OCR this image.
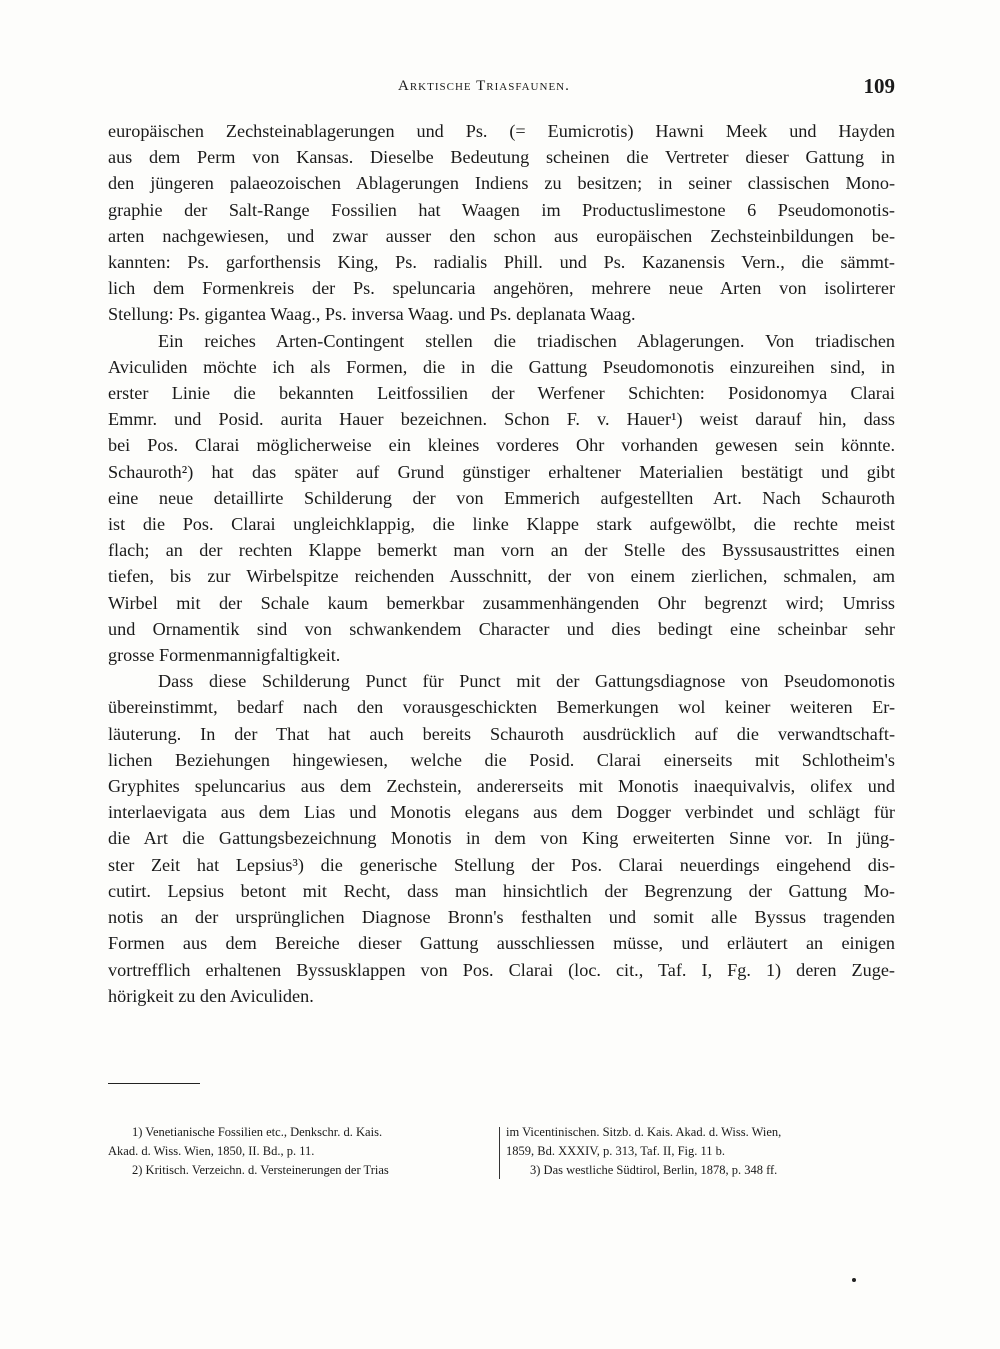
Arktische Triasfaunen.	109

europäischen Zechsteinablagerungen und Ps. (= Eumicrotis) Hawni Meek und Hayden
aus dem Perm von Kansas. Dieselbe Bedeutung scheinen die Vertreter dieser Gattung in
den jüngeren palaeozoischen Ablagerungen Indiens zu besitzen; in seiner classischen Mono-
graphie der Salt-Range Fossilien hat Waagen im Productuslimestone 6 Pseudomonotis-
arten nachgewiesen, und zwar ausser den schon aus europäischen Zechsteinbildungen be-
kannten: Ps. garforthensis King, Ps. radialis Phill. und Ps. Kazanensis Vern., die sämmt-
lich dem Formenkreis der Ps. speluncaria angehören, mehrere neue Arten von isolirterer
Stellung: Ps. gigantea Waag., Ps. inversa Waag. und Ps. deplanata Waag.

Ein reiches Arten-Contingent stellen die triadischen Ablagerungen. Von triadischen
Aviculiden möchte ich als Formen, die in die Gattung Pseudomonotis einzureihen sind, in
erster Linie die bekannten Leitfossilien der Werfener Schichten: Posidonomya Clarai
Emmr. und Posid. aurita Hauer bezeichnen. Schon F. v. Hauer¹) weist darauf hin, dass
bei Pos. Clarai möglicherweise ein kleines vorderes Ohr vorhanden gewesen sein könnte.
Schauroth²) hat das später auf Grund günstiger erhaltener Materialien bestätigt und gibt
eine neue detaillirte Schilderung der von Emmerich aufgestellten Art. Nach Schauroth
ist die Pos. Clarai ungleichklappig, die linke Klappe stark aufgewölbt, die rechte meist
flach; an der rechten Klappe bemerkt man vorn an der Stelle des Byssusaustrittes einen
tiefen, bis zur Wirbelspitze reichenden Ausschnitt, der von einem zierlichen, schmalen, am
Wirbel mit der Schale kaum bemerkbar zusammenhängenden Ohr begrenzt wird; Umriss
und Ornamentik sind von schwankendem Character und dies bedingt eine scheinbar sehr
grosse Formenmannigfaltigkeit.

Dass diese Schilderung Punct für Punct mit der Gattungsdiagnose von Pseudomonotis
übereinstimmt, bedarf nach den vorausgeschickten Bemerkungen wol keiner weiteren Er-
läuterung. In der That hat auch bereits Schauroth ausdrücklich auf die verwandtschaft-
lichen Beziehungen hingewiesen, welche die Posid. Clarai einerseits mit Schlotheim's
Gryphites speluncarius aus dem Zechstein, andererseits mit Monotis inaequivalvis, olifex und
interlaevigata aus dem Lias und Monotis elegans aus dem Dogger verbindet und schlägt für
die Art die Gattungsbezeichnung Monotis in dem von King erweiterten Sinne vor. In jüng-
ster Zeit hat Lepsius³) die generische Stellung der Pos. Clarai neuerdings eingehend dis-
cutirt. Lepsius betont mit Recht, dass man hinsichtlich der Begrenzung der Gattung Mo-
notis an der ursprünglichen Diagnose Bronn's festhalten und somit alle Byssus tragenden
Formen aus dem Bereiche dieser Gattung ausschliessen müsse, und erläutert an einigen
vortrefflich erhaltenen Byssusklappen von Pos. Clarai (loc. cit., Taf. I, Fg. 1) deren Zuge-
hörigkeit zu den Aviculiden.

1) Venetianische Fossilien etc., Denkschr. d. Kais.
Akad. d. Wiss. Wien, 1850, II. Bd., p. 11.
2) Kritisch. Verzeichn. d. Versteinerungen der Trias
im Vicentinischen. Sitzb. d. Kais. Akad. d. Wiss. Wien,
1859, Bd. XXXIV, p. 313, Taf. II, Fig. 11 b.
3) Das westliche Südtirol, Berlin, 1878, p. 348 ff.
